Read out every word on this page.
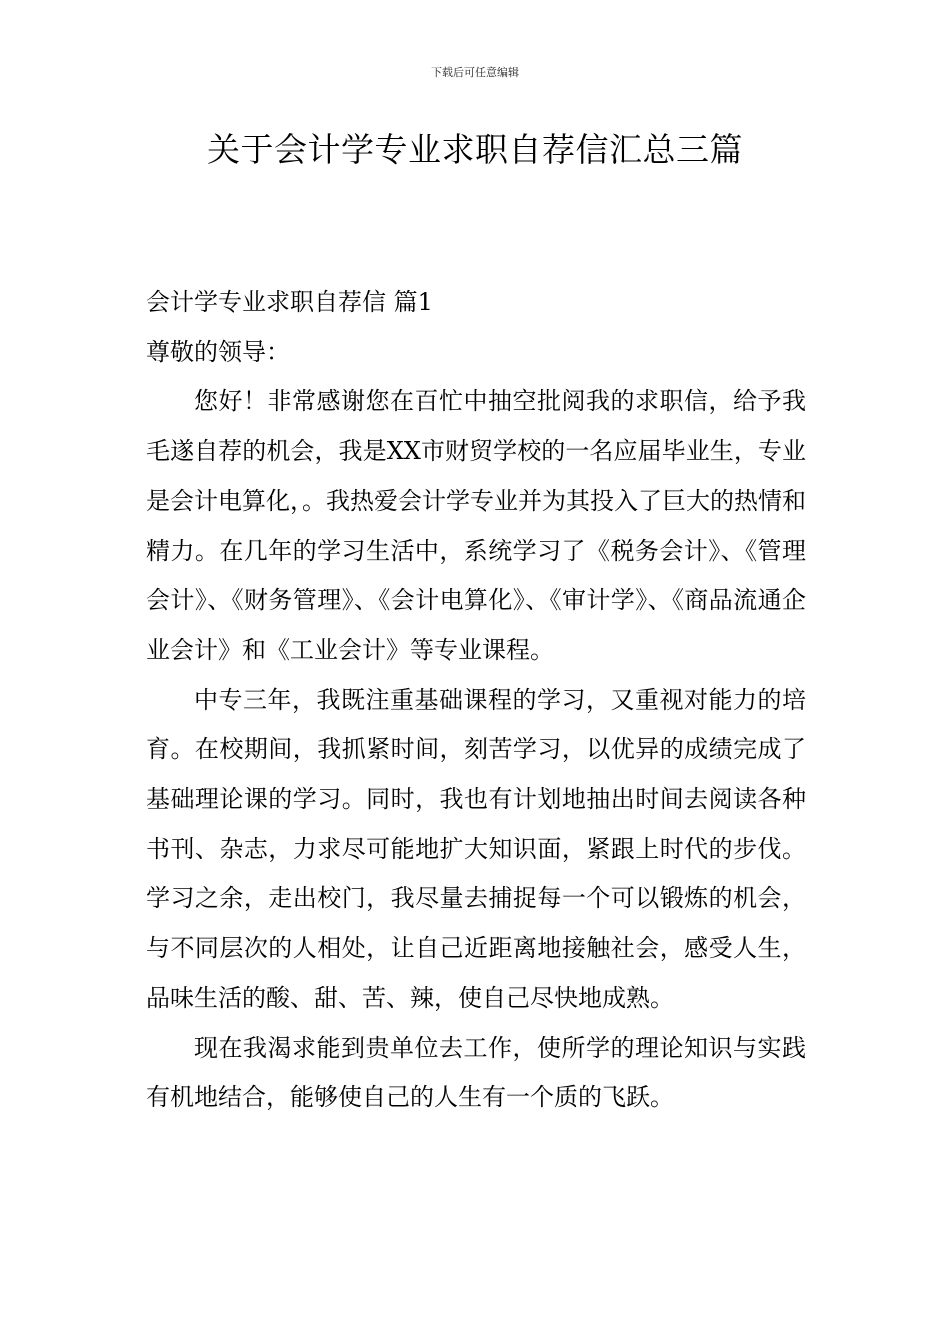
下载后可任意编辑
关于会计学专业求职自荐信汇总三篇

会计学专业求职自荐信 篇1

尊敬的领导：

您好！非常感谢您在百忙中抽空批阅我的求职信，给予我毛遂自荐的机会，我是XX市财贸学校的一名应届毕业生，专业是会计电算化，。我热爱会计学专业并为其投入了巨大的热情和精力。在几年的学习生活中，系统学习了《税务会计》、《管理会计》、《财务管理》、《会计电算化》、《审计学》、《商品流通企业会计》和《工业会计》等专业课程。

中专三年，我既注重基础课程的学习，又重视对能力的培育。在校期间，我抓紧时间，刻苦学习，以优异的成绩完成了基础理论课的学习。同时，我也有计划地抽出时间去阅读各种书刊、杂志，力求尽可能地扩大知识面，紧跟上时代的步伐。学习之余，走出校门，我尽量去捕捉每一个可以锻炼的机会，与不同层次的人相处，让自己近距离地接触社会，感受人生，品味生活的酸、甜、苦、辣，使自己尽快地成熟。

现在我渴求能到贵单位去工作，使所学的理论知识与实践有机地结合，能够使自己的人生有一个质的飞跃。
